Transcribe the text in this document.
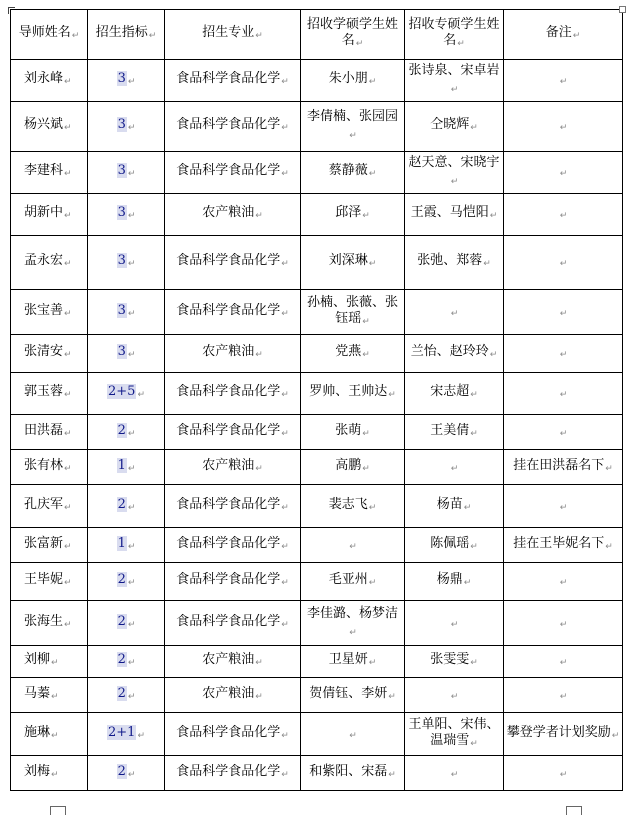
导师姓名↵	招生指标↵	招生专业↵	招收学硕学生姓名↵	招收专硕学生姓名↵	备注↵
刘永峰↵	3 ↵	食品科学食品化学↵	朱小朋↵	张诗泉、宋卓岩↵	↵
杨兴斌↵	3 ↵	食品科学食品化学↵	李倩楠、张园园↵	仝晓辉↵	↵
李建科↵	3 ↵	食品科学食品化学↵	蔡静薇↵	赵天意、宋晓宇↵	↵
胡新中↵	3 ↵	农产粮油↵	邱泽↵	王霞、马恺阳↵	↵
孟永宏↵	3 ↵	食品科学食品化学↵	刘深琳↵	张弛、郑蓉↵	↵
张宝善↵	3 ↵	食品科学食品化学↵	孙楠、张薇、张钰瑶↵	↵	↵
张清安↵	3 ↵	农产粮油↵	党燕↵	兰怡、赵玲玲↵	↵
郭玉蓉↵	2+5 ↵	食品科学食品化学↵	罗帅、王帅达↵	宋志超↵	↵
田洪磊↵	2 ↵	食品科学食品化学↵	张萌↵	王美倩↵	↵
张有林↵	1 ↵	农产粮油↵	高鹏↵	↵	挂在田洪磊名下↵
孔庆军↵	2 ↵	食品科学食品化学↵	裴志飞↵	杨苗↵	↵
张富新↵	1 ↵	食品科学食品化学↵	↵	陈佩瑶↵	挂在王毕妮名下↵
王毕妮↵	2 ↵	食品科学食品化学↵	毛亚州↵	杨鼎↵	↵
张海生↵	2 ↵	食品科学食品化学↵	李佳潞、杨梦洁↵	↵	↵
刘柳↵	2 ↵	农产粮油↵	卫星妍↵	张雯雯↵	↵
马蓁↵	2 ↵	农产粮油↵	贺倩钰、李妍↵	↵	↵
施琳↵	2+1 ↵	食品科学食品化学↵	↵	王单阳、宋伟、温瑞雪↵	攀登学者计划奖励↵
刘梅↵	2 ↵	食品科学食品化学↵	和紫阳、宋磊↵	↵	↵
